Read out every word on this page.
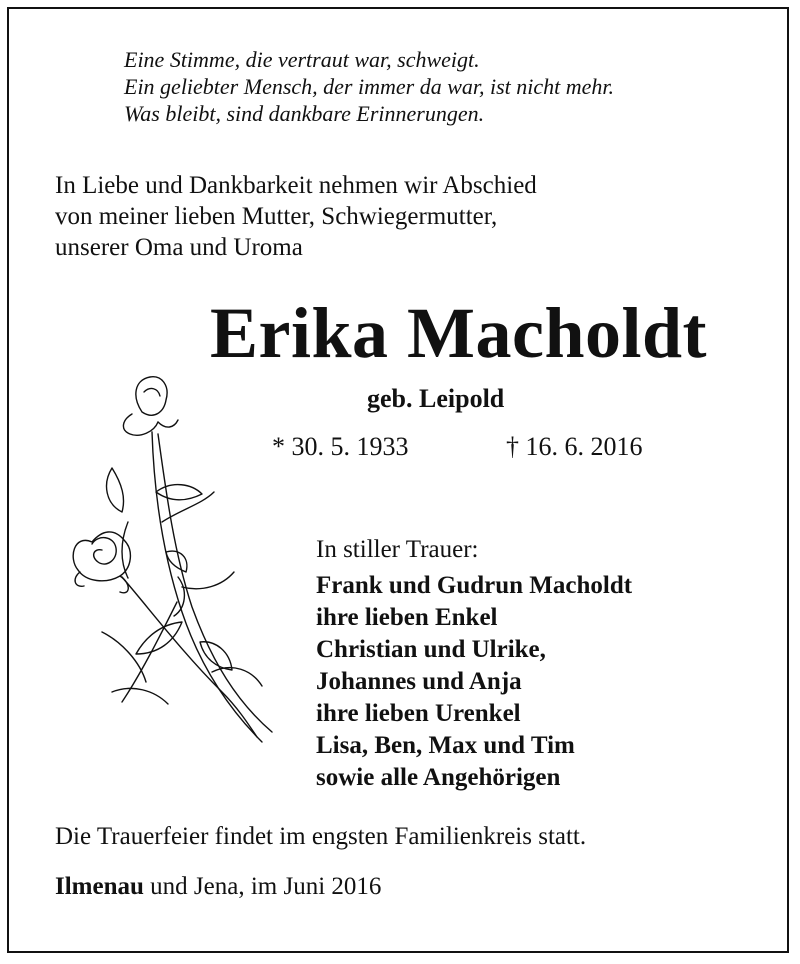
Eine Stimme, die vertraut war, schweigt.
Ein geliebter Mensch, der immer da war, ist nicht mehr.
Was bleibt, sind dankbare Erinnerungen.
In Liebe und Dankbarkeit nehmen wir Abschied
von meiner lieben Mutter, Schwiegermutter,
unserer Oma und Uroma
Erika Macholdt
geb. Leipold
* 30. 5. 1933	† 16. 6. 2016
In stiller Trauer:
Frank und Gudrun Macholdt
ihre lieben Enkel
Christian und Ulrike,
Johannes und Anja
ihre lieben Urenkel
Lisa, Ben, Max und Tim
sowie alle Angehörigen
Die Trauerfeier findet im engsten Familienkreis statt.
Ilmenau und Jena, im Juni 2016
